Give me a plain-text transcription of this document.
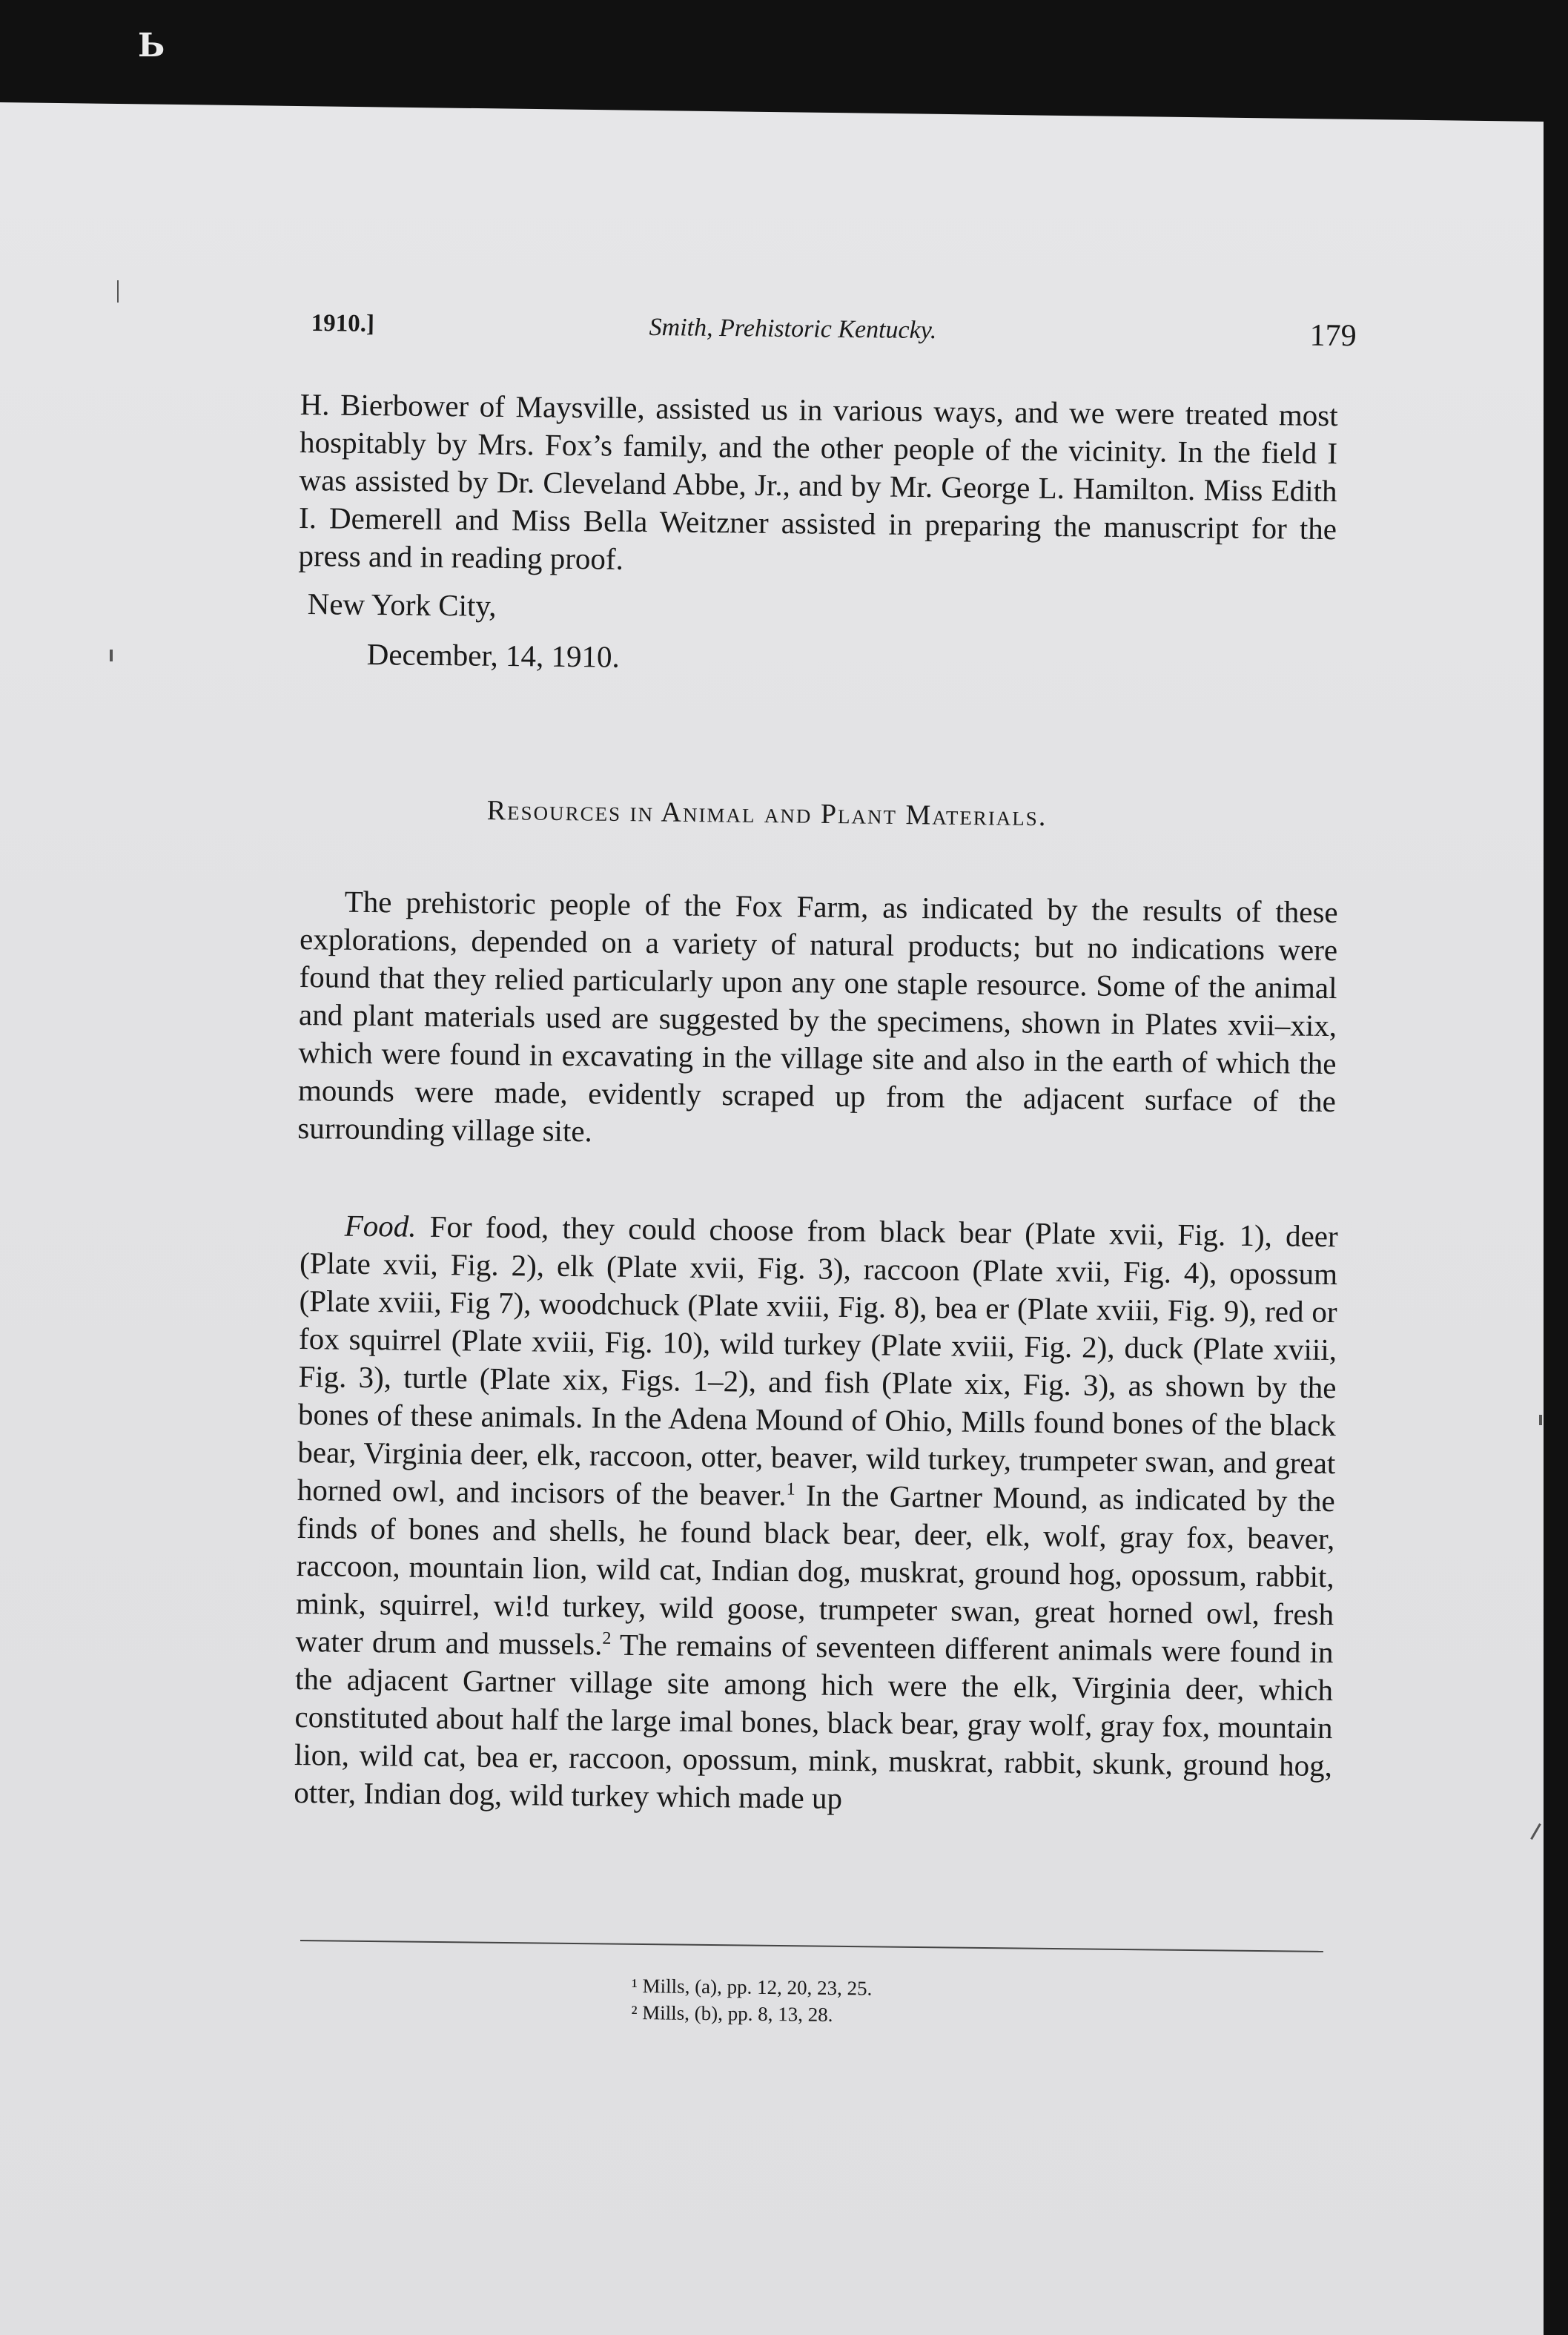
Ь
1910.]	Smith, Prehistoric Kentucky.	179

H. Bierbower of Maysville, assisted us in various ways, and we were treated most hospitably by Mrs. Fox’s family, and the other people of the vicinity. In the field I was assisted by Dr. Cleveland Abbe, Jr., and by Mr. George L. Hamilton. Miss Edith I. Demerell and Miss Bella Weitzner assisted in preparing the manuscript for the press and in reading proof.

New York City,
December, 14, 1910.
Resources in Animal and Plant Materials.

The prehistoric people of the Fox Farm, as indicated by the results of these explorations, depended on a variety of natural products; but no indications were found that they relied particularly upon any one staple resource. Some of the animal and plant materials used are suggested by the specimens, shown in Plates xvii–xix, which were found in excavating in the village site and also in the earth of which the mounds were made, evidently scraped up from the adjacent surface of the surrounding village site.

Food. For food, they could choose from black bear (Plate xvii, Fig. 1), deer (Plate xvii, Fig. 2), elk (Plate xvii, Fig. 3), raccoon (Plate xvii, Fig. 4), opossum (Plate xviii, Fig 7), woodchuck (Plate xviii, Fig. 8), bea er (Plate xviii, Fig. 9), red or fox squirrel (Plate xviii, Fig. 10), wild turkey (Plate xviii, Fig. 2), duck (Plate xviii, Fig. 3), turtle (Plate xix, Figs. 1–2), and fish (Plate xix, Fig. 3), as shown by the bones of these animals. In the Adena Mound of Ohio, Mills found bones of the black bear, Virginia deer, elk, raccoon, otter, beaver, wild turkey, trumpeter swan, and great horned owl, and incisors of the beaver.$^1$ In the Gartner Mound, as indicated by the finds of bones and shells, he found black bear, deer, elk, wolf, gray fox, beaver, raccoon, mountain lion, wild cat, Indian dog, muskrat, ground hog, opossum, rabbit, mink, squirrel, wi!d turkey, wild goose, trumpeter swan, great horned owl, fresh water drum and mussels.$^2$ The remains of seventeen different animals were found in the adjacent Gartner village site among hich were the elk, Virginia deer, which constituted about half the large imal bones, black bear, gray wolf, gray fox, mountain lion, wild cat, bea er, raccoon, opossum, mink, muskrat, rabbit, skunk, ground hog, otter, Indian dog, wild turkey which made up

¹ Mills, (a), pp. 12, 20, 23, 25.
² Mills, (b), pp. 8, 13, 28.
